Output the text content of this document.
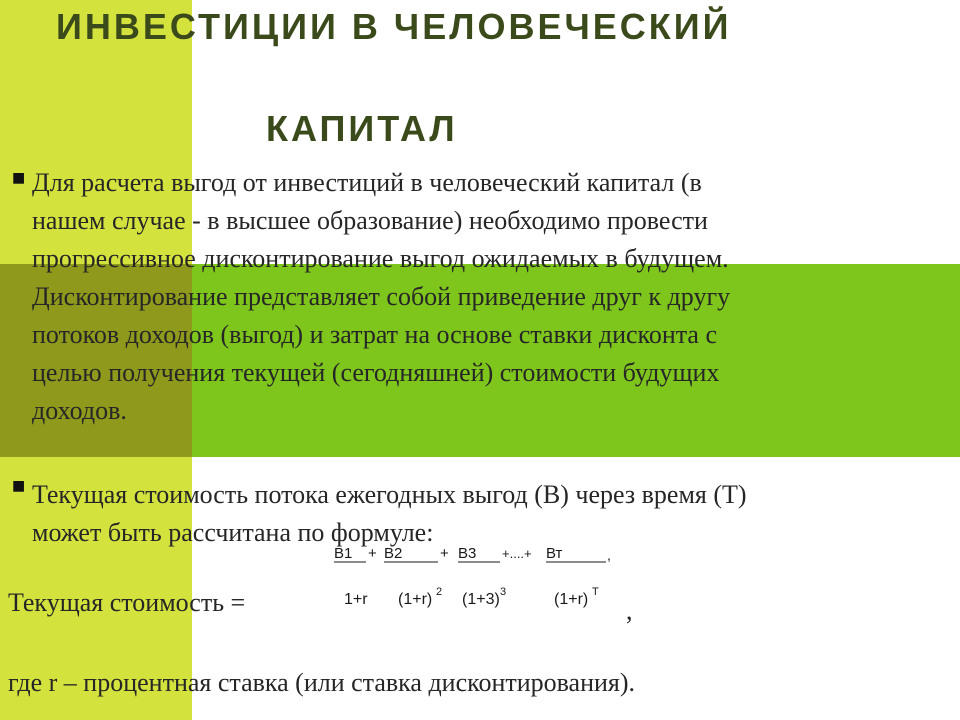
ИНВЕСТИЦИИ В ЧЕЛОВЕЧЕСКИЙ
КАПИТАЛ
■ Для расчета выгод от инвестиций в человеческий капитал (в
нашем случае - в высшее образование) необходимо провести
прогрессивное дисконтирование выгод ожидаемых в будущем.
Дисконтирование представляет собой приведение друг к другу
потоков доходов (выгод) и затрат на основе ставки дисконта с
целью получения текущей (сегодняшней) стоимости будущих
доходов.
■ Текущая стоимость потока ежегодных выгод (В) через время (Т)
может быть рассчитана по формуле:
В1 + В2	+ В3 +....+ Вт	,
1+r (1+r) 2 (1+3) 3	(1+r) T
Текущая стоимость =	,
где r – процентная ставка (или ставка дисконтирования).
